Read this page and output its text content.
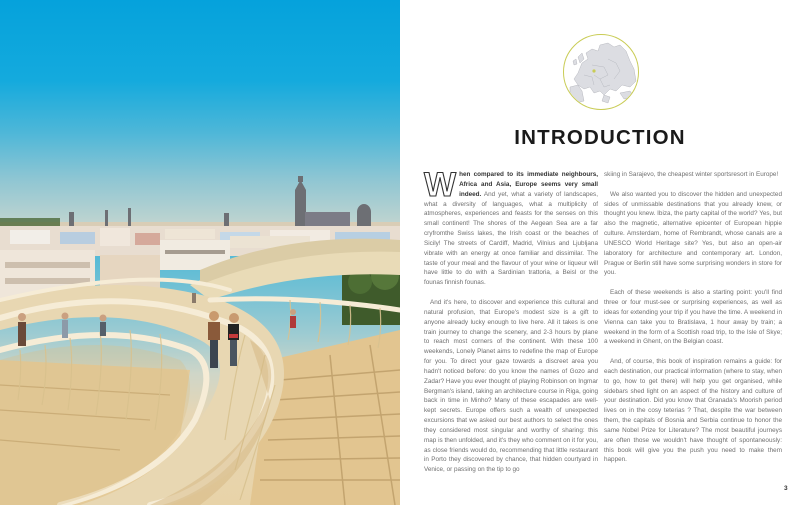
INTRODUCTION

When compared to its immediate neighbours, Africa and Asia, Europe seems very small indeed. And yet, what a variety of landscapes, what a diversity of languages, what a multiplicity of atmospheres, experiences and feasts for the senses on this small continent! The shores of the Aegean Sea are a far cryfromthe Swiss lakes, the Irish coast or the beaches of Sicily! The streets of Cardiff, Madrid, Vilnius and Ljubljana vibrate with an energy at once familiar and dissimilar. The taste of your meal and the flavour of your wine or liqueur will have little to do with a Sardinian trattoria, a Beisl or the founas finnish founas.

And it's here, to discover and experience this cultural and natural profusion, that Europe's modest size is a gift to anyone already lucky enough to live here. All it takes is one train journey to change the scenery, and 2-3 hours by plane to reach most corners of the continent. With these 100 weekends, Lonely Planet aims to redefine the map of Europe for you. To direct your gaze towards a discreet area you hadn't noticed before: do you know the names of Gozo and Zadar? Have you ever thought of playing Robinson on Ingmar Bergman's island, taking an architecture course in Riga, going back in time in Minho? Many of these escapades are well-kept secrets. Europe offers such a wealth of unexpected excursions that we asked our best authors to select the ones they considered most singular and worthy of sharing: this map is then unfolded, and it's they who comment on it for you, as close friends would do, recommending that little restaurant in Porto they discovered by chance, that hidden courtyard in Venice, or passing on the tip to go

skiing in Sarajevo, the cheapest winter sportsresort in Europe!

We also wanted you to discover the hidden and unexpected sides of unmissable destinations that you already knew, or thought you knew. Ibiza, the party capital of the world? Yes, but also the magnetic, alternative epicenter of European hippie culture. Amsterdam, home of Rembrandt, whose canals are a UNESCO World Heritage site? Yes, but also an open-air laboratory for architecture and contemporary art. London, Prague or Berlin still have some surprising wonders in store for you.

Each of these weekends is also a starting point: you'll find three or four must-see or surprising experiences, as well as ideas for extending your trip if you have the time. A weekend in Vienna can take you to Bratislava, 1 hour away by train; a weekend in the form of a Scottish road trip, to the Isle of Skye; a weekend in Ghent, on the Belgian coast.

And, of course, this book of inspiration remains a guide: for each destination, our practical information (where to stay, when to go, how to get there) will help you get organised, while sidebars shed light on an aspect of the history and culture of your destination. Did you know that Granada's Moorish period lives on in the cosy teterias ? That, despite the war between them, the capitals of Bosnia and Serbia continue to honor the same Nobel Prize for Literature? The most beautiful journeys are often those we wouldn't have thought of spontaneously: this book will give you the push you need to make them happen.

3
